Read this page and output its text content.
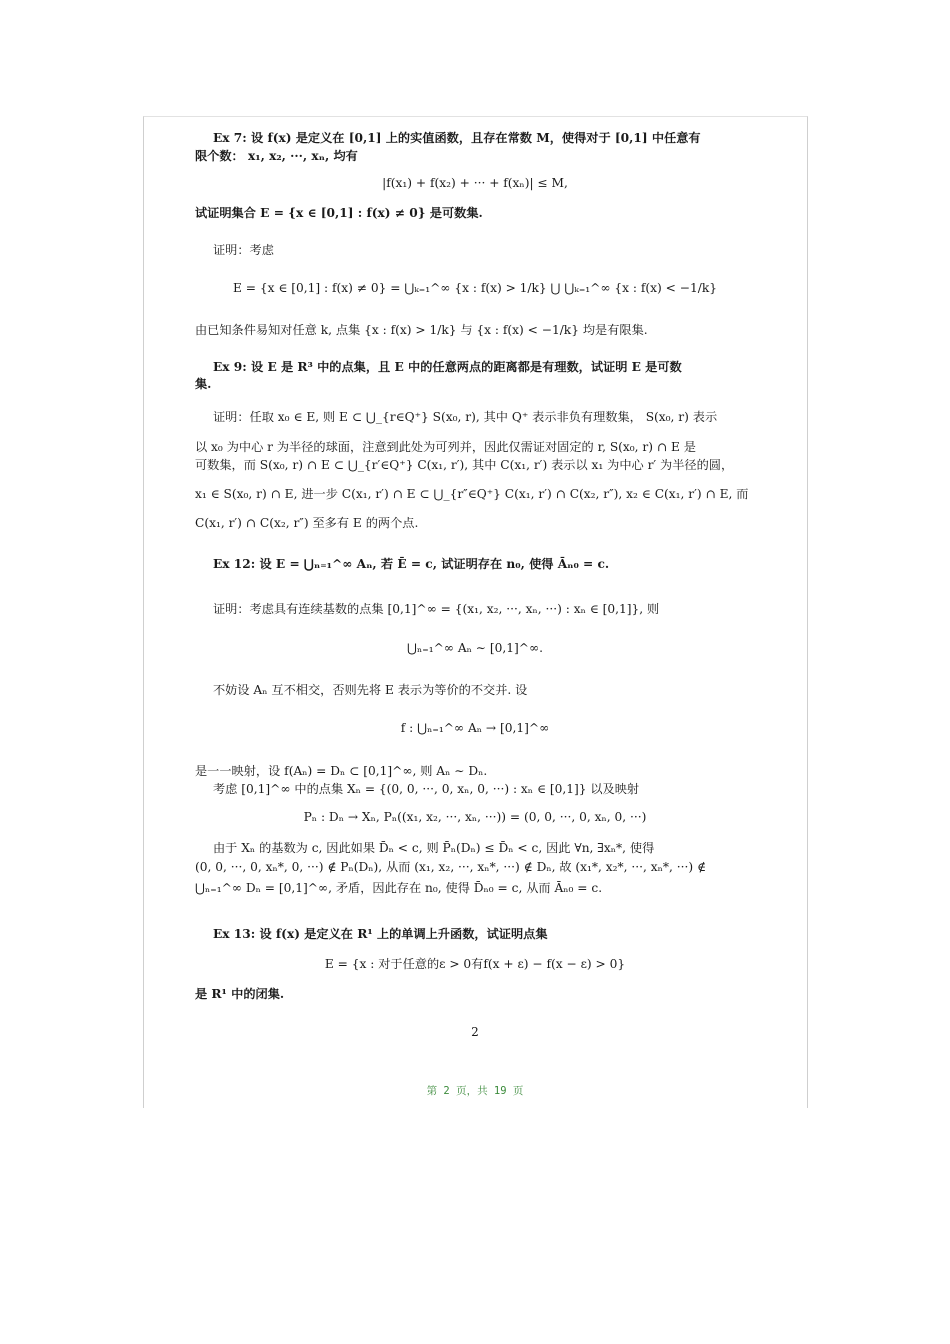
Ex 7: 设 f(x) 是定义在 [0,1] 上的实值函数，且存在常数 M，使得对于 [0,1] 中任意有
限个数： x₁, x₂, ···, xₙ, 均有
|f(x₁) + f(x₂) + ··· + f(xₙ)| ≤ M,
试证明集合 E = {x ∈ [0,1] : f(x) ≠ 0} 是可数集.
证明：考虑
E = {x ∈ [0,1] : f(x) ≠ 0} = ⋃ₖ₌₁^∞ {x : f(x) > 1/k} ⋃ ⋃ₖ₌₁^∞ {x : f(x) < −1/k}
由已知条件易知对任意 k, 点集 {x : f(x) > 1/k} 与 {x : f(x) < −1/k} 均是有限集.
Ex 9: 设 E 是 R³ 中的点集，且 E 中的任意两点的距离都是有理数，试证明 E 是可数
集.
证明：任取 x₀ ∈ E, 则 E ⊂ ⋃_{r∈Q⁺} S(x₀, r), 其中 Q⁺ 表示非负有理数集， S(x₀, r) 表示
以 x₀ 为中心 r 为半径的球面，注意到此处为可列并，因此仅需证对固定的 r, S(x₀, r) ∩ E 是
可数集，而 S(x₀, r) ∩ E ⊂ ⋃_{r′∈Q⁺} C(x₁, r′), 其中 C(x₁, r′) 表示以 x₁ 为中心 r′ 为半径的圆，
x₁ ∈ S(x₀, r) ∩ E, 进一步 C(x₁, r′) ∩ E ⊂ ⋃_{r″∈Q⁺} C(x₁, r′) ∩ C(x₂, r″), x₂ ∈ C(x₁, r′) ∩ E, 而
C(x₁, r′) ∩ C(x₂, r″) 至多有 E 的两个点.
Ex 12: 设 E = ⋃ₙ₌₁^∞ Aₙ, 若 Ē = c, 试证明存在 n₀, 使得 Āₙ₀ = c.
证明：考虑具有连续基数的点集 [0,1]^∞ = {(x₁, x₂, ···, xₙ, ···) : xₙ ∈ [0,1]}, 则
⋃ₙ₌₁^∞ Aₙ ∼ [0,1]^∞.
不妨设 Aₙ 互不相交，否则先将 E 表示为等价的不交并. 设
f : ⋃ₙ₌₁^∞ Aₙ → [0,1]^∞
是一一映射，设 f(Aₙ) = Dₙ ⊂ [0,1]^∞, 则 Aₙ ∼ Dₙ.
考虑 [0,1]^∞ 中的点集 Xₙ = {(0, 0, ···, 0, xₙ, 0, ···) : xₙ ∈ [0,1]} 以及映射
Pₙ : Dₙ → Xₙ, Pₙ((x₁, x₂, ···, xₙ, ···)) = (0, 0, ···, 0, xₙ, 0, ···)
由于 Xₙ 的基数为 c, 因此如果 D̄ₙ < c, 则 P̄ₙ(Dₙ) ≤ D̄ₙ < c, 因此 ∀n, ∃xₙ*, 使得
(0, 0, ···, 0, xₙ*, 0, ···) ∉ Pₙ(Dₙ), 从而 (x₁, x₂, ···, xₙ*, ···) ∉ Dₙ, 故 (x₁*, x₂*, ···, xₙ*, ···) ∉
⋃ₙ₌₁^∞ Dₙ = [0,1]^∞, 矛盾，因此存在 n₀, 使得 D̄ₙ₀ = c, 从而 Āₙ₀ = c.
Ex 13: 设 f(x) 是定义在 R¹ 上的单调上升函数，试证明点集
E = {x : 对于任意的ε > 0有f(x + ε) − f(x − ε) > 0}
是 R¹ 中的闭集.
2
第 2 页，共 19 页
